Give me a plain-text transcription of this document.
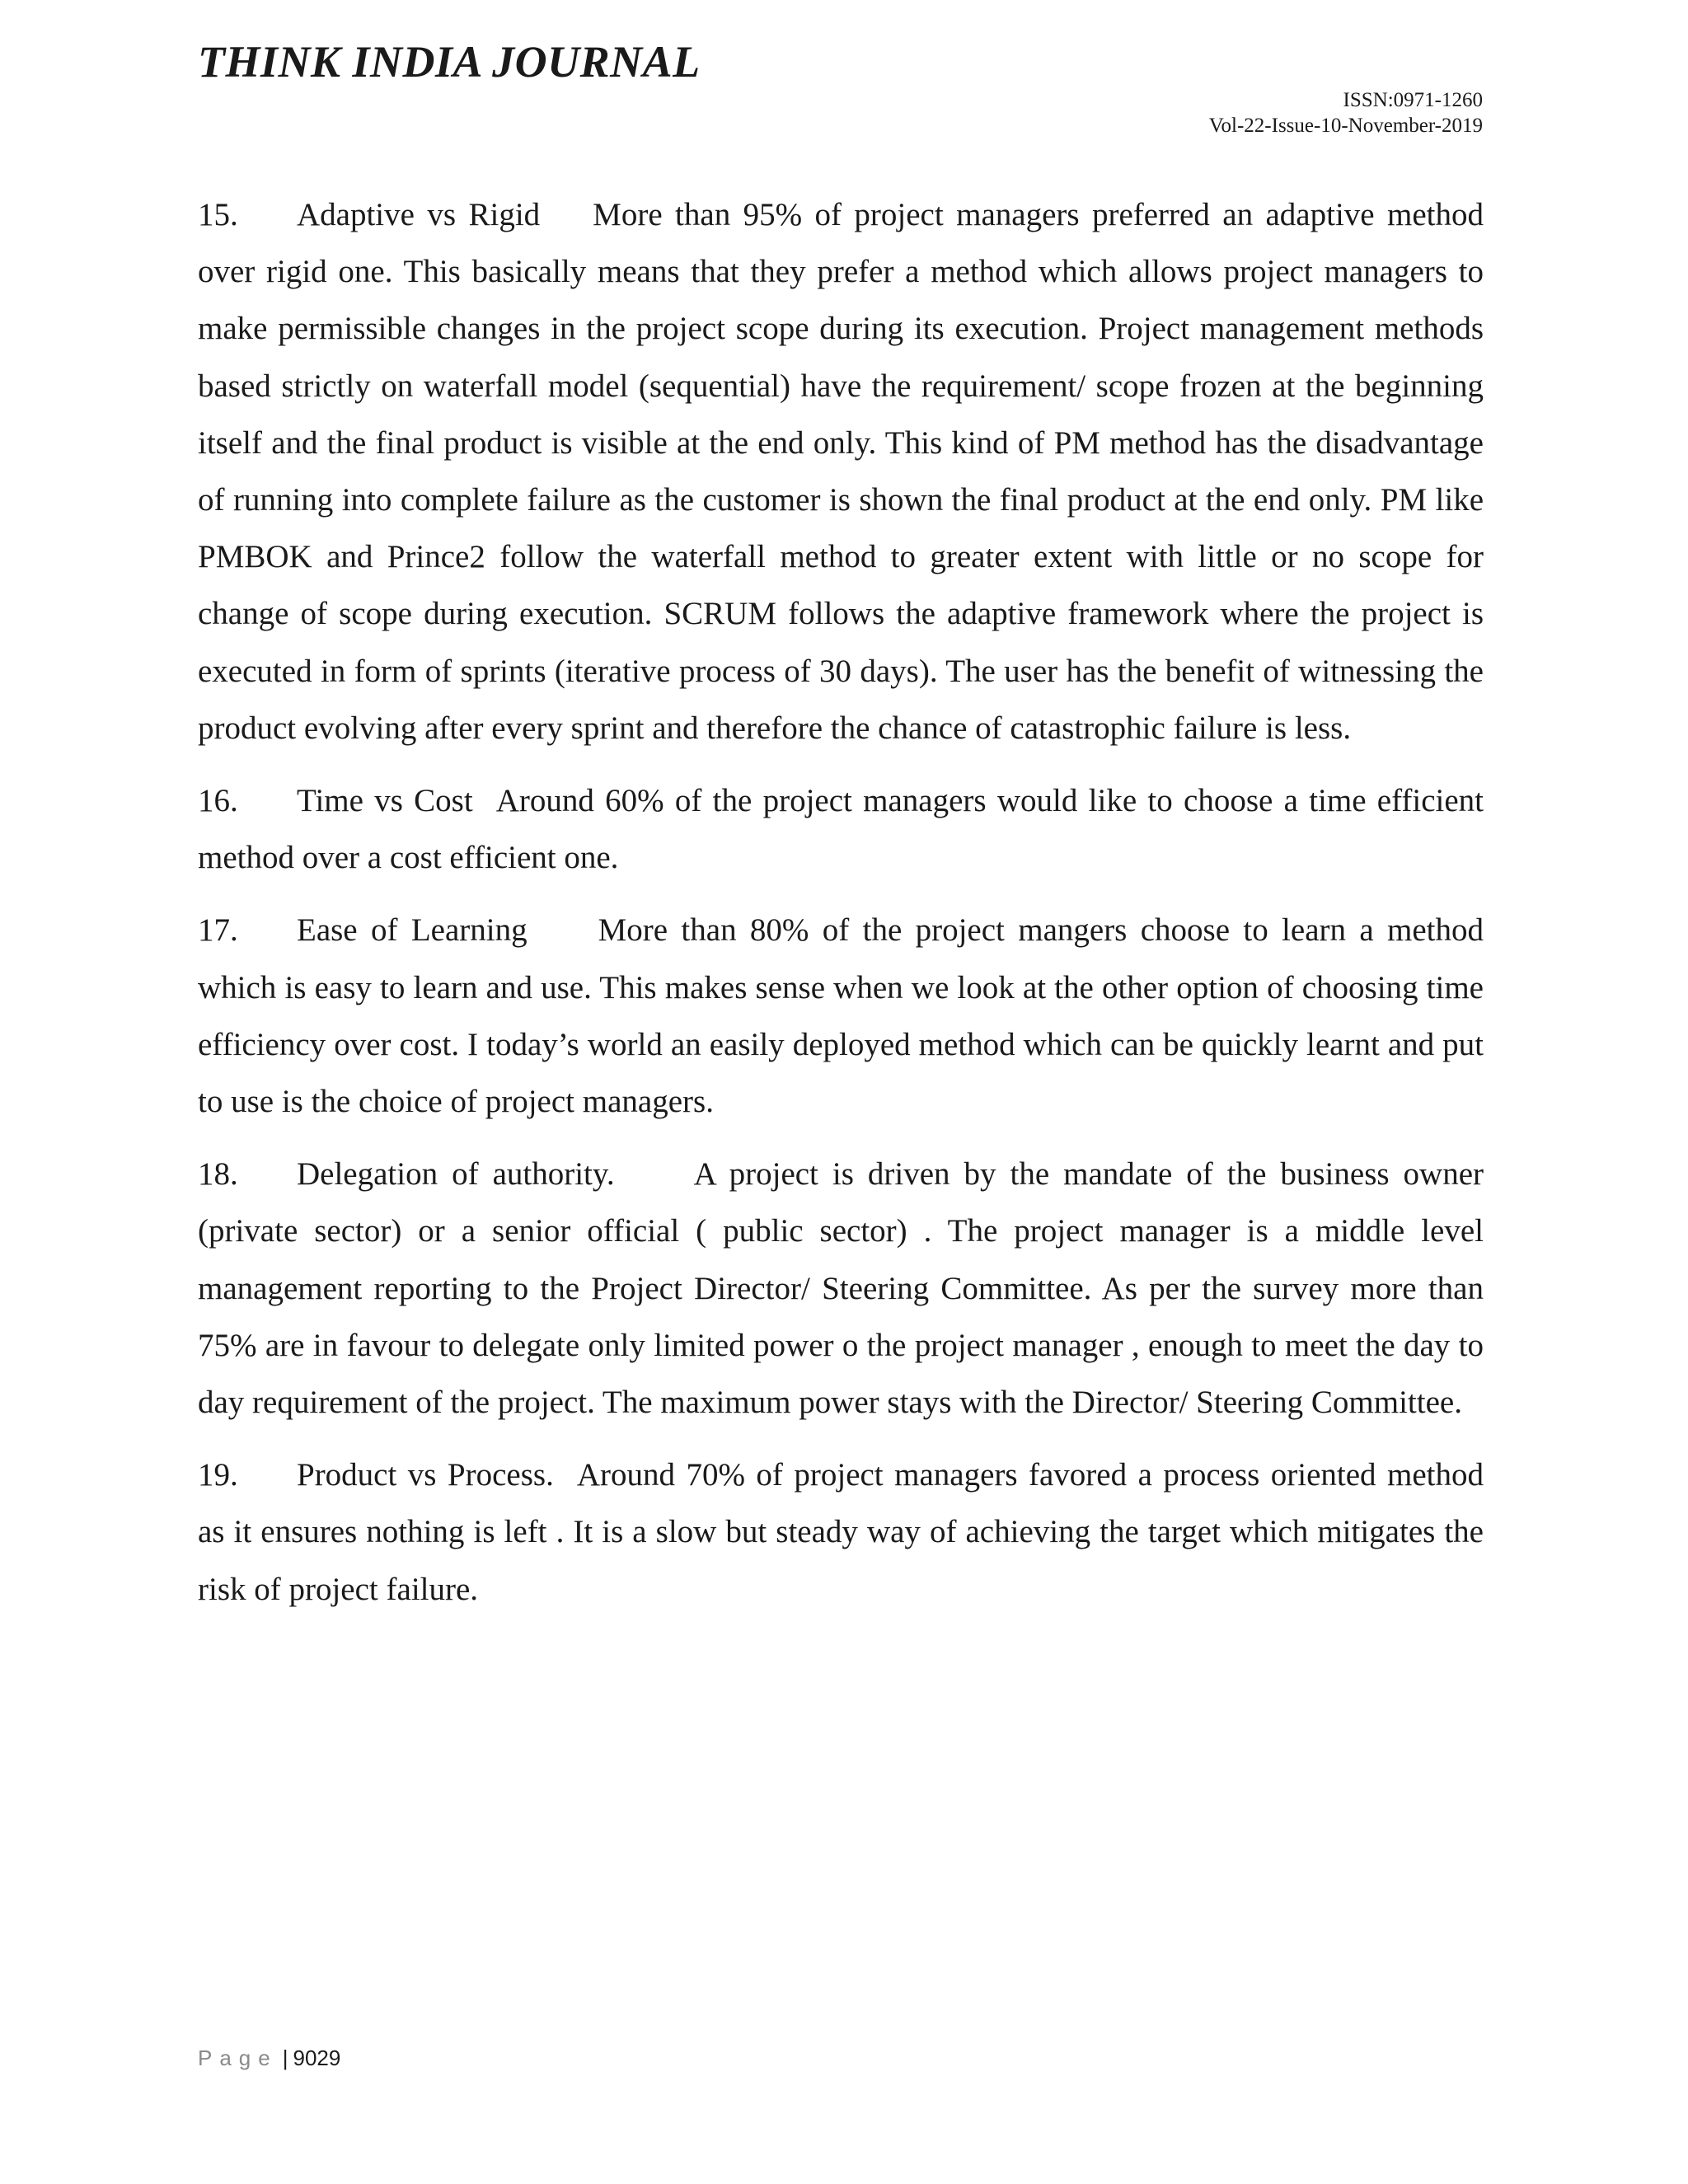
THINK INDIA JOURNAL
ISSN:0971-1260
Vol-22-Issue-10-November-2019

15. Adaptive vs Rigid More than 95% of project managers preferred an adaptive method over rigid one. This basically means that they prefer a method which allows project managers to make permissible changes in the project scope during its execution. Project management methods based strictly on waterfall model (sequential) have the requirement/ scope frozen at the beginning itself and the final product is visible at the end only. This kind of PM method has the disadvantage of running into complete failure as the customer is shown the final product at the end only. PM like PMBOK and Prince2 follow the waterfall method to greater extent with little or no scope for change of scope during execution. SCRUM follows the adaptive framework where the project is executed in form of sprints (iterative process of 30 days). The user has the benefit of witnessing the product evolving after every sprint and therefore the chance of catastrophic failure is less.

16. Time vs Cost Around 60% of the project managers would like to choose a time efficient method over a cost efficient one.

17. Ease of Learning More than 80% of the project mangers choose to learn a method which is easy to learn and use. This makes sense when we look at the other option of choosing time efficiency over cost. I today’s world an easily deployed method which can be quickly learnt and put to use is the choice of project managers.

18. Delegation of authority. A project is driven by the mandate of the business owner (private sector) or a senior official ( public sector) . The project manager is a middle level management reporting to the Project Director/ Steering Committee. As per the survey more than 75% are in favour to delegate only limited power o the project manager , enough to meet the day to day requirement of the project. The maximum power stays with the Director/ Steering Committee.

19. Product vs Process. Around 70% of project managers favored a process oriented method as it ensures nothing is left . It is a slow but steady way of achieving the target which mitigates the risk of project failure.

Page | 9029
